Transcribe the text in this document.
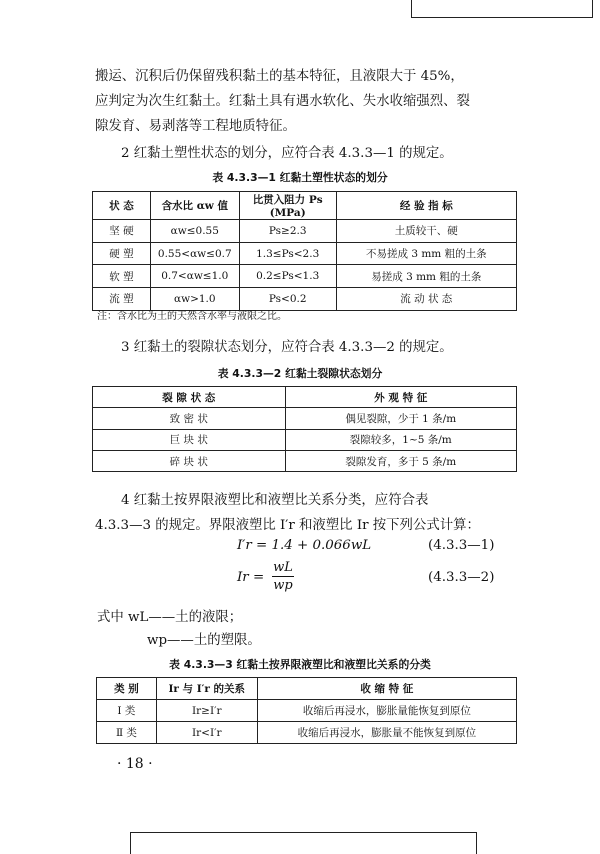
搬运、沉积后仍保留残积黏土的基本特征，且液限大于 45%，
应判定为次生红黏土。红黏土具有遇水软化、失水收缩强烈、裂
隙发育、易剥落等工程地质特征。
2 红黏土塑性状态的划分，应符合表 4.3.3—1 的规定。
表 4.3.3—1 红黏土塑性状态的划分
状 态	含水比 αw 值	比贯入阻力 Ps (MPa)	经 验 指 标
坚 硬	αw≤0.55	Ps≥2.3	土质较干、硬
硬 塑	0.55<αw≤0.7	1.3≤Ps<2.3	不易搓成 3 mm 粗的土条
软 塑	0.7<αw≤1.0	0.2≤Ps<1.3	易搓成 3 mm 粗的土条
流 塑	αw>1.0	Ps<0.2	流 动 状 态
注：含水比为土的天然含水率与液限之比。
3 红黏土的裂隙状态划分，应符合表 4.3.3—2 的规定。
表 4.3.3—2 红黏土裂隙状态划分
裂 隙 状 态	外 观 特 征
致 密 状	偶见裂隙，少于 1 条/m
巨 块 状	裂隙较多，1~5 条/m
碎 块 状	裂隙发育，多于 5 条/m
4 红黏土按界限液塑比和液塑比关系分类，应符合表
4.3.3—3 的规定。界限液塑比 I′r 和液塑比 Ir 按下列公式计算：
I′r = 1.4 + 0.066wL	(4.3.3—1)
Ir =
wL
wp
(4.3.3—2)
式中 wL——土的液限；
wp——土的塑限。
表 4.3.3—3 红黏土按界限液塑比和液塑比关系的分类
类 别	Ir 与 I′r 的关系	收 缩 特 征
Ⅰ 类	Ir≥I′r	收缩后再浸水，膨胀量能恢复到原位
Ⅱ 类	Ir<I′r	收缩后再浸水，膨胀量不能恢复到原位
· 18 ·
